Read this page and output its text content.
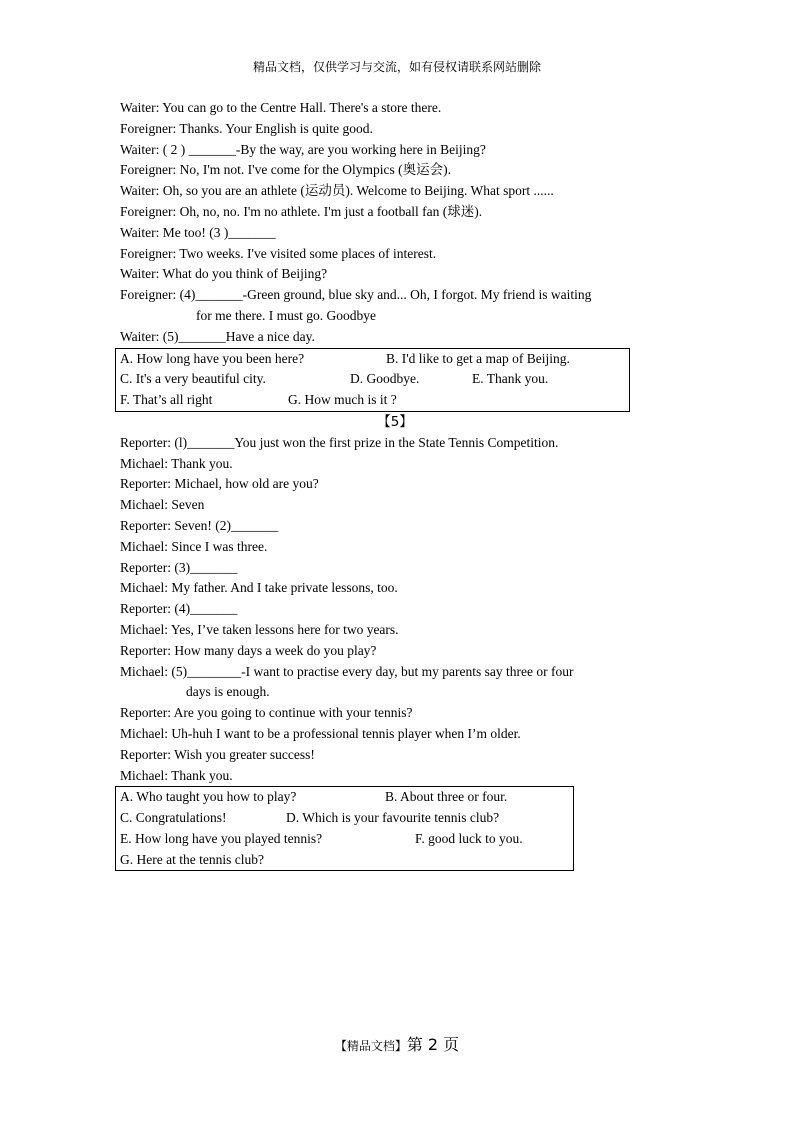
精品文档，仅供学习与交流，如有侵权请联系网站删除
Waiter: You can go to the Centre Hall. There's a store there.
Foreigner: Thanks. Your English is quite good.
Waiter: ( 2 ) _______-By the way, are you working here in Beijing?
Foreigner: No, I'm not. I've come for the Olympics (奥运会).
Waiter: Oh, so you are an athlete (运动员). Welcome to Beijing. What sport ......
Foreigner: Oh, no, no. I'm no athlete. I'm just a football fan (球迷).
Waiter: Me too! (3 )_______
Foreigner: Two weeks. I've visited some places of interest.
Waiter: What do you think of Beijing?
Foreigner: (4)_______-Green ground, blue sky and... Oh, I forgot. My friend is waiting
for me there. I must go. Goodbye
Waiter: (5)_______Have a nice day.
A. How long have you been here?	B. I'd like to get a map of Beijing.
C. It's a very beautiful city.	D. Goodbye.	E. Thank you.
F. That’s all right	G. How much is it ?
【5】
Reporter: (l)_______You just won the first prize in the State Tennis Competition.
Michael: Thank you.
Reporter: Michael, how old are you?
Michael: Seven
Reporter: Seven! (2)_______
Michael: Since I was three.
Reporter: (3)_______
Michael: My father. And I take private lessons, too.
Reporter: (4)_______
Michael: Yes, I’ve taken lessons here for two years.
Reporter: How many days a week do you play?
Michael: (5)________-I want to practise every day, but my parents say three or four
days is enough.
Reporter: Are you going to continue with your tennis?
Michael: Uh-huh I want to be a professional tennis player when I’m older.
Reporter: Wish you greater success!
Michael: Thank you.
A. Who taught you how to play?	B. About three or four.
C. Congratulations!	D. Which is your favourite tennis club?
E. How long have you played tennis?	F. good luck to you.
G. Here at the tennis club?
【精品文档】第 2 页
